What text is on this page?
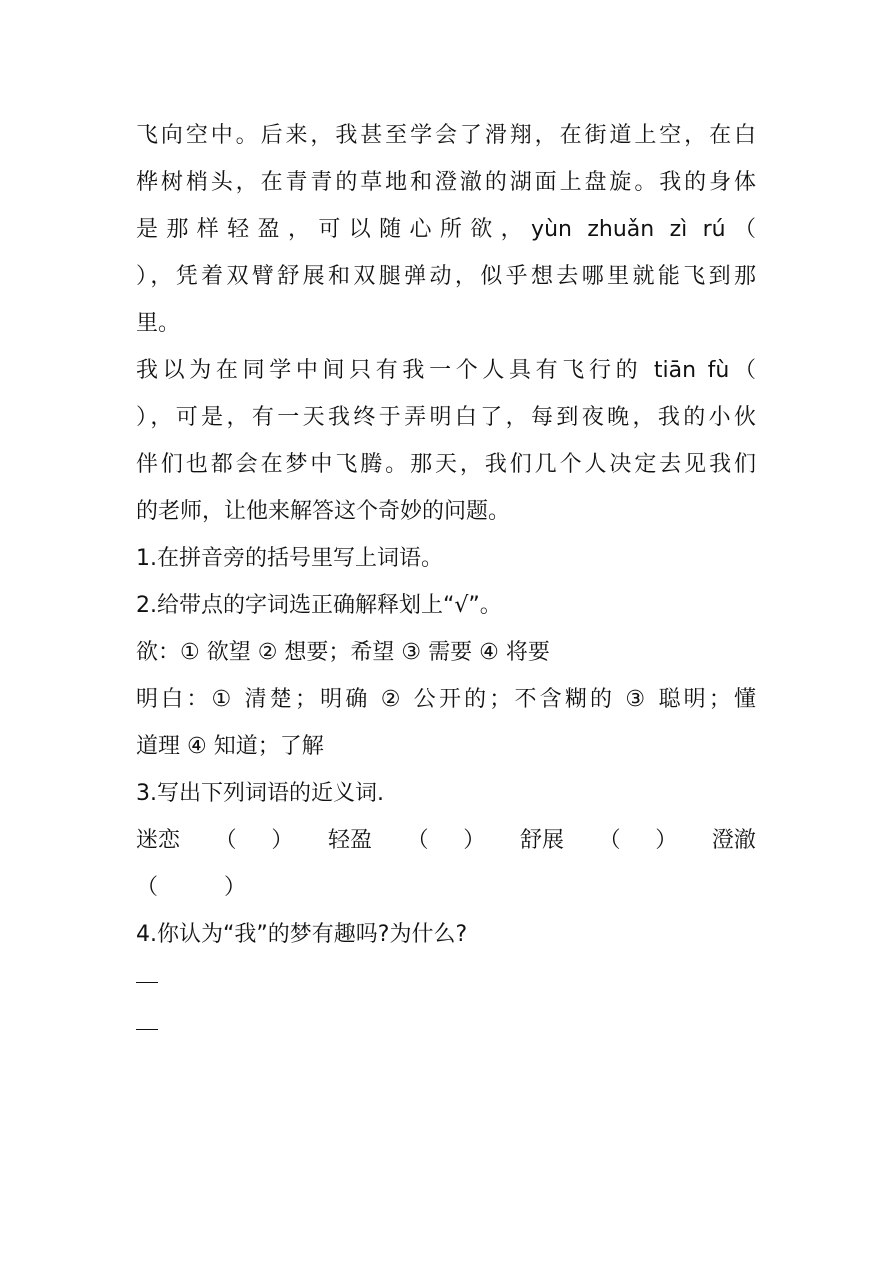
飞向空中。后来，我甚至学会了滑翔，在街道上空，在白

桦树梢头，在青青的草地和澄澈的湖面上盘旋。我的身体

是那样轻盈，可以随心所欲，yùn zhuǎn zì rú（

），凭着双臂舒展和双腿弹动，似乎想去哪里就能飞到那

里。

我以为在同学中间只有我一个人具有飞行的 tiān fù（

），可是，有一天我终于弄明白了，每到夜晚，我的小伙

伴们也都会在梦中飞腾。那天，我们几个人决定去见我们

的老师，让他来解答这个奇妙的问题。

1.在拼音旁的括号里写上词语。

2.给带点的字词选正确解释划上“√”。

欲：① 欲望 ② 想要；希望 ③ 需要 ④ 将要

明白：① 清楚；明确 ② 公开的；不含糊的 ③ 聪明；懂

道理 ④ 知道；了解

3.写出下列词语的近义词.

迷恋 （ ） 轻盈 （ ） 舒展 （ ） 澄澈

（　　　）

4.你认为“我”的梦有趣吗?为什么?
